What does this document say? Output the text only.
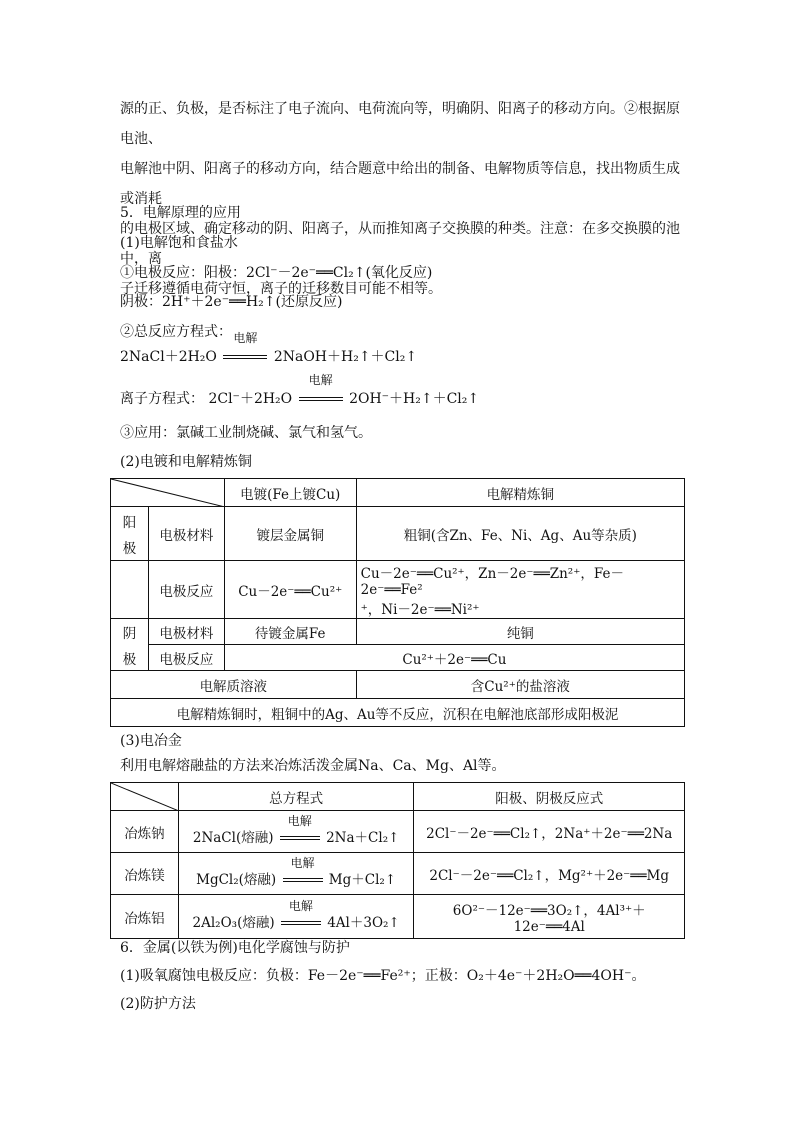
源的正、负极，是否标注了电子流向、电荷流向等，明确阴、阳离子的移动方向。②根据原电池、
电解池中阴、阳离子的移动方向，结合题意中给出的制备、电解物质等信息，找出物质生成或消耗
的电极区域、确定移动的阴、阳离子，从而推知离子交换膜的种类。注意：在多交换膜的池中，离
子迁移遵循电荷守恒，离子的迁移数目可能不相等。
5．电解原理的应用
(1)电解饱和食盐水
①电极反应：阳极：2Cl⁻－2e⁻══Cl₂↑(氧化反应)
阴极：2H⁺＋2e⁻══H₂↑(还原反应)
②总反应方程式：
2NaCl＋2H₂O
电解
2NaOH＋H₂↑＋Cl₂↑
离子方程式： 2Cl⁻＋2H₂O
电解
2OH⁻＋H₂↑＋Cl₂↑
③应用：氯碱工业制烧碱、氯气和氢气。
(2)电镀和电解精炼铜
	电镀(Fe上镀Cu)	电解精炼铜

阳
极	电极材料	镀层金属铜	粗铜(含Zn、Fe、Ni、Ag、Au等杂质)
	电极反应	Cu－2e⁻══Cu²⁺	Cu－2e⁻══Cu²⁺，Zn－2e⁻══Zn²⁺，Fe－2e⁻══Fe²
⁺，Ni－2e⁻══Ni²⁺

阴
极	电极材料	待镀金属Fe	纯铜
	电极反应	Cu²⁺＋2e⁻══Cu	
电解质溶液			含Cu²⁺的盐溶液
电解精炼铜时，粗铜中的Ag、Au等不反应，沉积在电解池底部形成阳极泥			
(3)电冶金
利用电解熔融盐的方法来冶炼活泼金属Na、Ca、Mg、Al等。
	总方程式	阳极、阴极反应式
冶炼钠	2NaCl(熔融)
电解
2Na＋Cl₂↑	2Cl⁻－2e⁻══Cl₂↑，2Na⁺＋2e⁻══2Na
冶炼镁	MgCl₂(熔融)
电解
Mg＋Cl₂↑	2Cl⁻－2e⁻══Cl₂↑，Mg²⁺＋2e⁻══Mg
冶炼铝	2Al₂O₃(熔融)
电解
4Al＋3O₂↑	6O²⁻－12e⁻══3O₂↑，4Al³⁺＋12e⁻══4Al
6．金属(以铁为例)电化学腐蚀与防护
(1)吸氧腐蚀电极反应：负极：Fe－2e⁻══Fe²⁺；正极：O₂＋4e⁻＋2H₂O══4OH⁻。
(2)防护方法
